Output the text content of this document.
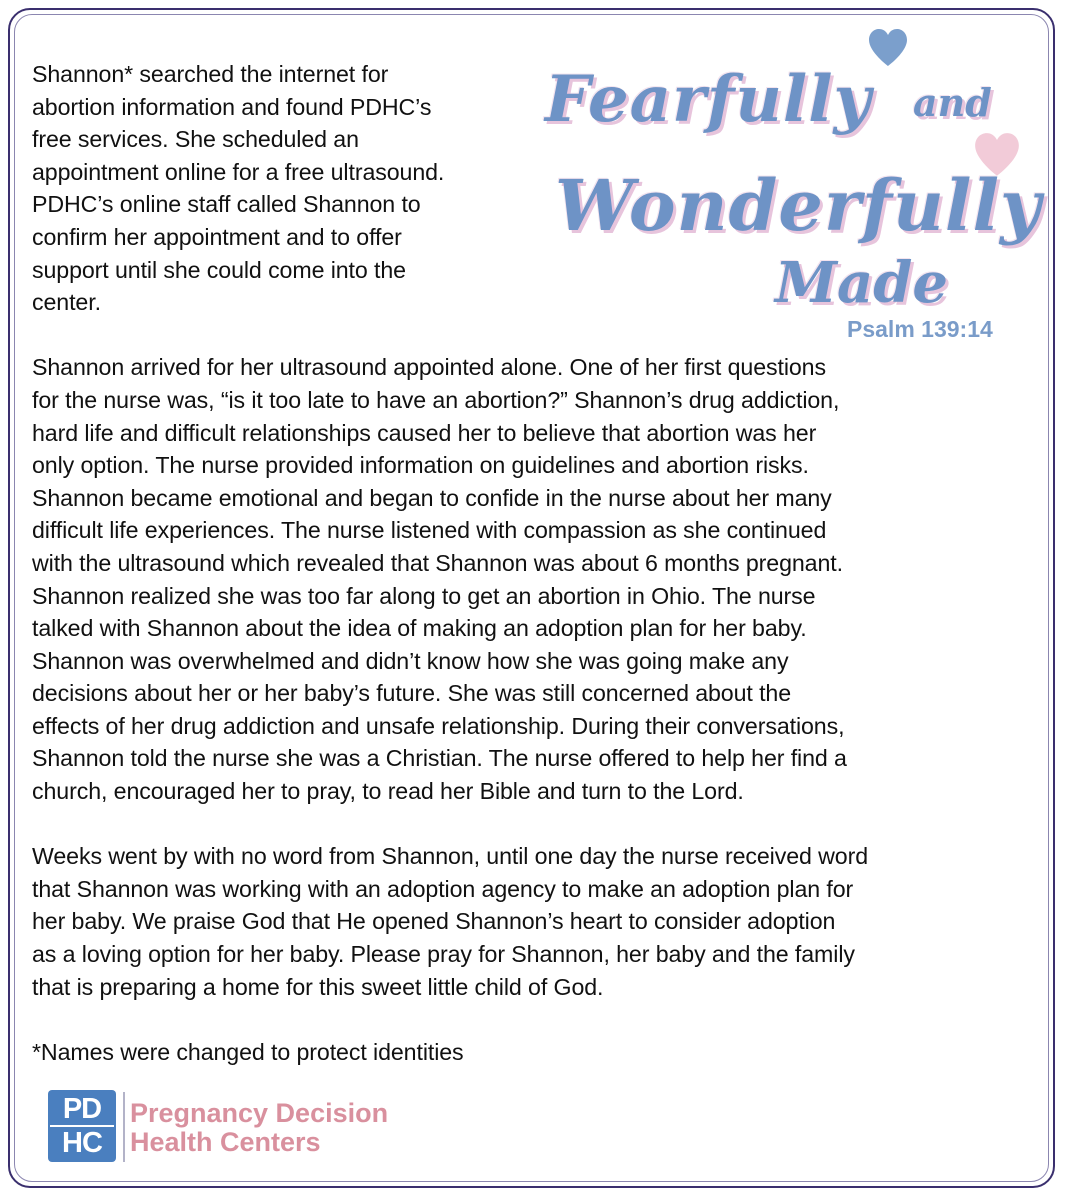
Fearfully and
Wonderfully
Made
Psalm 139:14

Shannon* searched the internet for
abortion information and found PDHC’s
free services. She scheduled an
appointment online for a free ultrasound.
PDHC’s online staff called Shannon to
confirm her appointment and to offer
support until she could come into the
center.

Shannon arrived for her ultrasound appointed alone. One of her first questions
for the nurse was, “is it too late to have an abortion?” Shannon’s drug addiction,
hard life and difficult relationships caused her to believe that abortion was her
only option. The nurse provided information on guidelines and abortion risks.
Shannon became emotional and began to confide in the nurse about her many
difficult life experiences. The nurse listened with compassion as she continued
with the ultrasound which revealed that Shannon was about 6 months pregnant.
Shannon realized she was too far along to get an abortion in Ohio. The nurse
talked with Shannon about the idea of making an adoption plan for her baby.
Shannon was overwhelmed and didn’t know how she was going make any
decisions about her or her baby’s future. She was still concerned about the
effects of her drug addiction and unsafe relationship. During their conversations,
Shannon told the nurse she was a Christian. The nurse offered to help her find a
church, encouraged her to pray, to read her Bible and turn to the Lord.

Weeks went by with no word from Shannon, until one day the nurse received word
that Shannon was working with an adoption agency to make an adoption plan for
her baby. We praise God that He opened Shannon’s heart to consider adoption
as a loving option for her baby. Please pray for Shannon, her baby and the family
that is preparing a home for this sweet little child of God.

*Names were changed to protect identities

PD
HC
Pregnancy Decision
Health Centers
